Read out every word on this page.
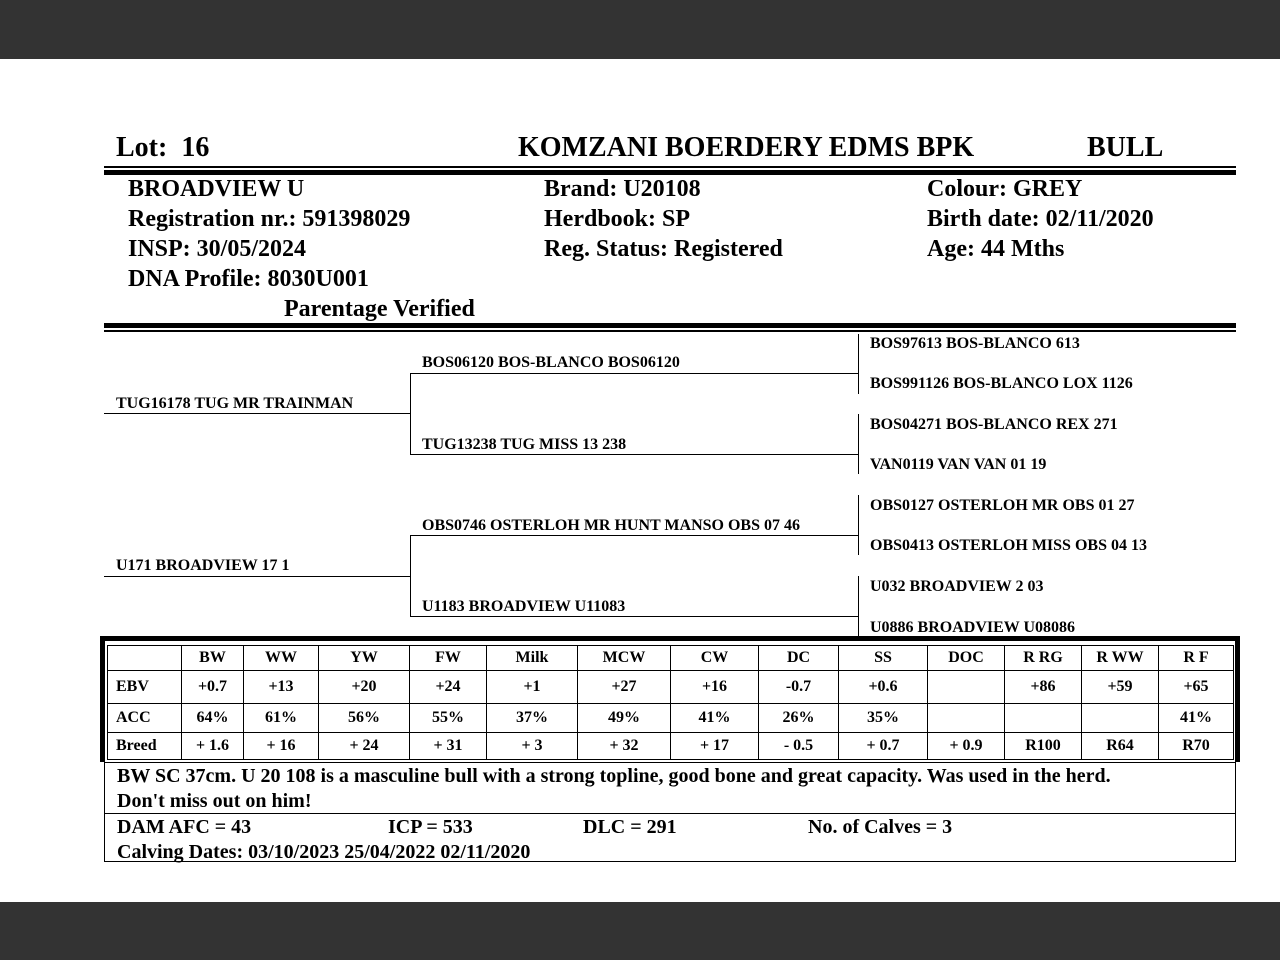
Lot: 16	KOMZANI BOERDERY EDMS BPK	BULL
BROADVIEW U
Registration nr.: 591398029
INSP: 30/05/2024
DNA Profile: 8030U001
Parentage Verified
Brand: U20108
Herdbook: SP
Reg. Status: Registered
Colour: GREY
Birth date: 02/11/2020
Age: 44 Mths
TUG16178 TUG MR TRAINMAN
U171 BROADVIEW 17 1
BOS06120 BOS-BLANCO BOS06120
TUG13238 TUG MISS 13 238
OBS0746 OSTERLOH MR HUNT MANSO OBS 07 46
U1183 BROADVIEW U11083
BOS97613 BOS-BLANCO 613
BOS991126 BOS-BLANCO LOX 1126
BOS04271 BOS-BLANCO REX 271
VAN0119 VAN VAN 01 19
OBS0127 OSTERLOH MR OBS 01 27
OBS0413 OSTERLOH MISS OBS 04 13
U032 BROADVIEW 2 03
U0886 BROADVIEW U08086
	BW	WW	YW	FW	Milk	MCW	CW	DC	SS	DOC	R RG	R WW	R F
EBV	+0.7	+13	+20	+24	+1	+27	+16	-0.7	+0.6		+86	+59	+65
ACC	64%	61%	56%	55%	37%	49%	41%	26%	35%				41%
Breed	+ 1.6	+ 16	+ 24	+ 31	+ 3	+ 32	+ 17	- 0.5	+ 0.7	+ 0.9	R100	R64	R70
BW SC 37cm. U 20 108 is a masculine bull with a strong topline, good bone and great capacity. Was used in the herd.
Don't miss out on him!
DAM AFC = 43	ICP = 533	DLC = 291	No. of Calves = 3
Calving Dates: 03/10/2023 25/04/2022 02/11/2020
